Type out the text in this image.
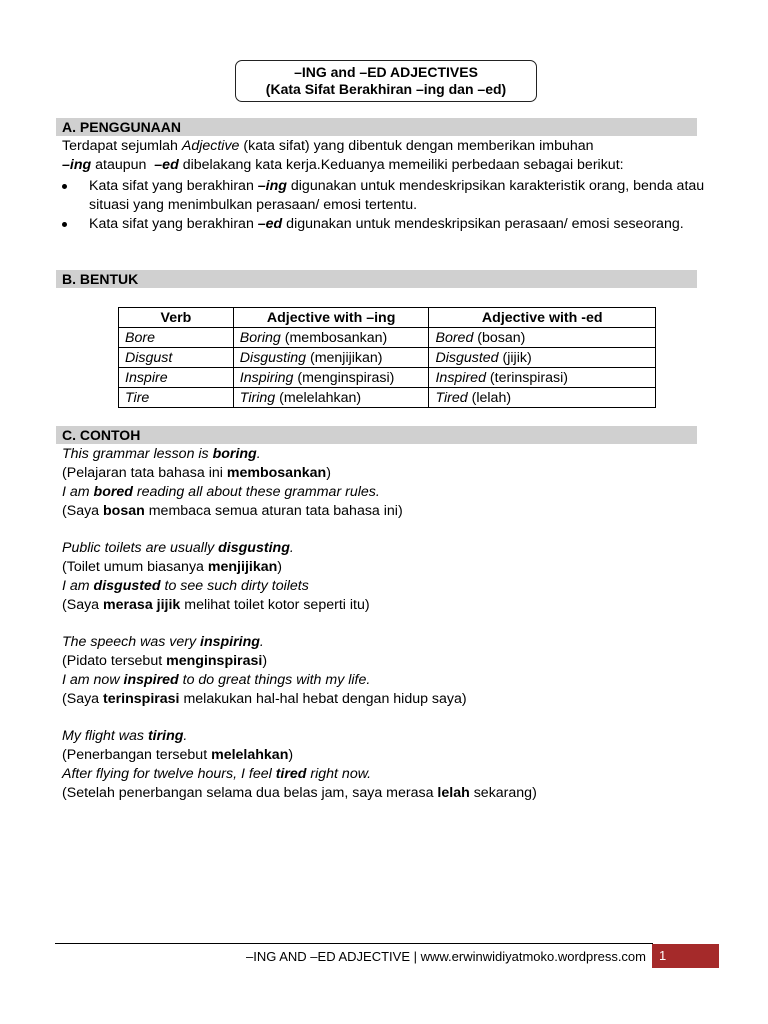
–ING and –ED ADJECTIVES
(Kata Sifat Berakhiran –ing dan –ed)
A. PENGGUNAAN
Terdapat sejumlah Adjective (kata sifat) yang dibentuk dengan memberikan imbuhan
–ing ataupun  –ed dibelakang kata kerja.Keduanya memeiliki perbedaan sebagai berikut:
Kata sifat yang berakhiran –ing digunakan untuk mendeskripsikan karakteristik orang, benda atau situasi yang menimbulkan perasaan/ emosi tertentu.
Kata sifat yang berakhiran –ed digunakan untuk mendeskripsikan perasaan/ emosi seseorang.
B. BENTUK
Verb	Adjective with –ing	Adjective with -ed
Bore	Boring (membosankan)	Bored (bosan)
Disgust	Disgusting (menjijikan)	Disgusted (jijik)
Inspire	Inspiring (menginspirasi)	Inspired (terinspirasi)
Tire	Tiring (melelahkan)	Tired (lelah)
C. CONTOH
This grammar lesson is boring.
(Pelajaran tata bahasa ini membosankan)
I am bored reading all about these grammar rules.
(Saya bosan membaca semua aturan tata bahasa ini)
Public toilets are usually disgusting.
(Toilet umum biasanya menjijikan)
I am disgusted to see such dirty toilets
(Saya merasa jijik melihat toilet kotor seperti itu)
The speech was very inspiring.
(Pidato tersebut menginspirasi)
I am now inspired to do great things with my life.
(Saya terinspirasi melakukan hal-hal hebat dengan hidup saya)
My flight was tiring.
(Penerbangan tersebut melelahkan)
After flying for twelve hours, I feel tired right now.
(Setelah penerbangan selama dua belas jam, saya merasa lelah sekarang)
–ING AND –ED ADJECTIVE | www.erwinwidiyatmoko.wordpress.com	1
